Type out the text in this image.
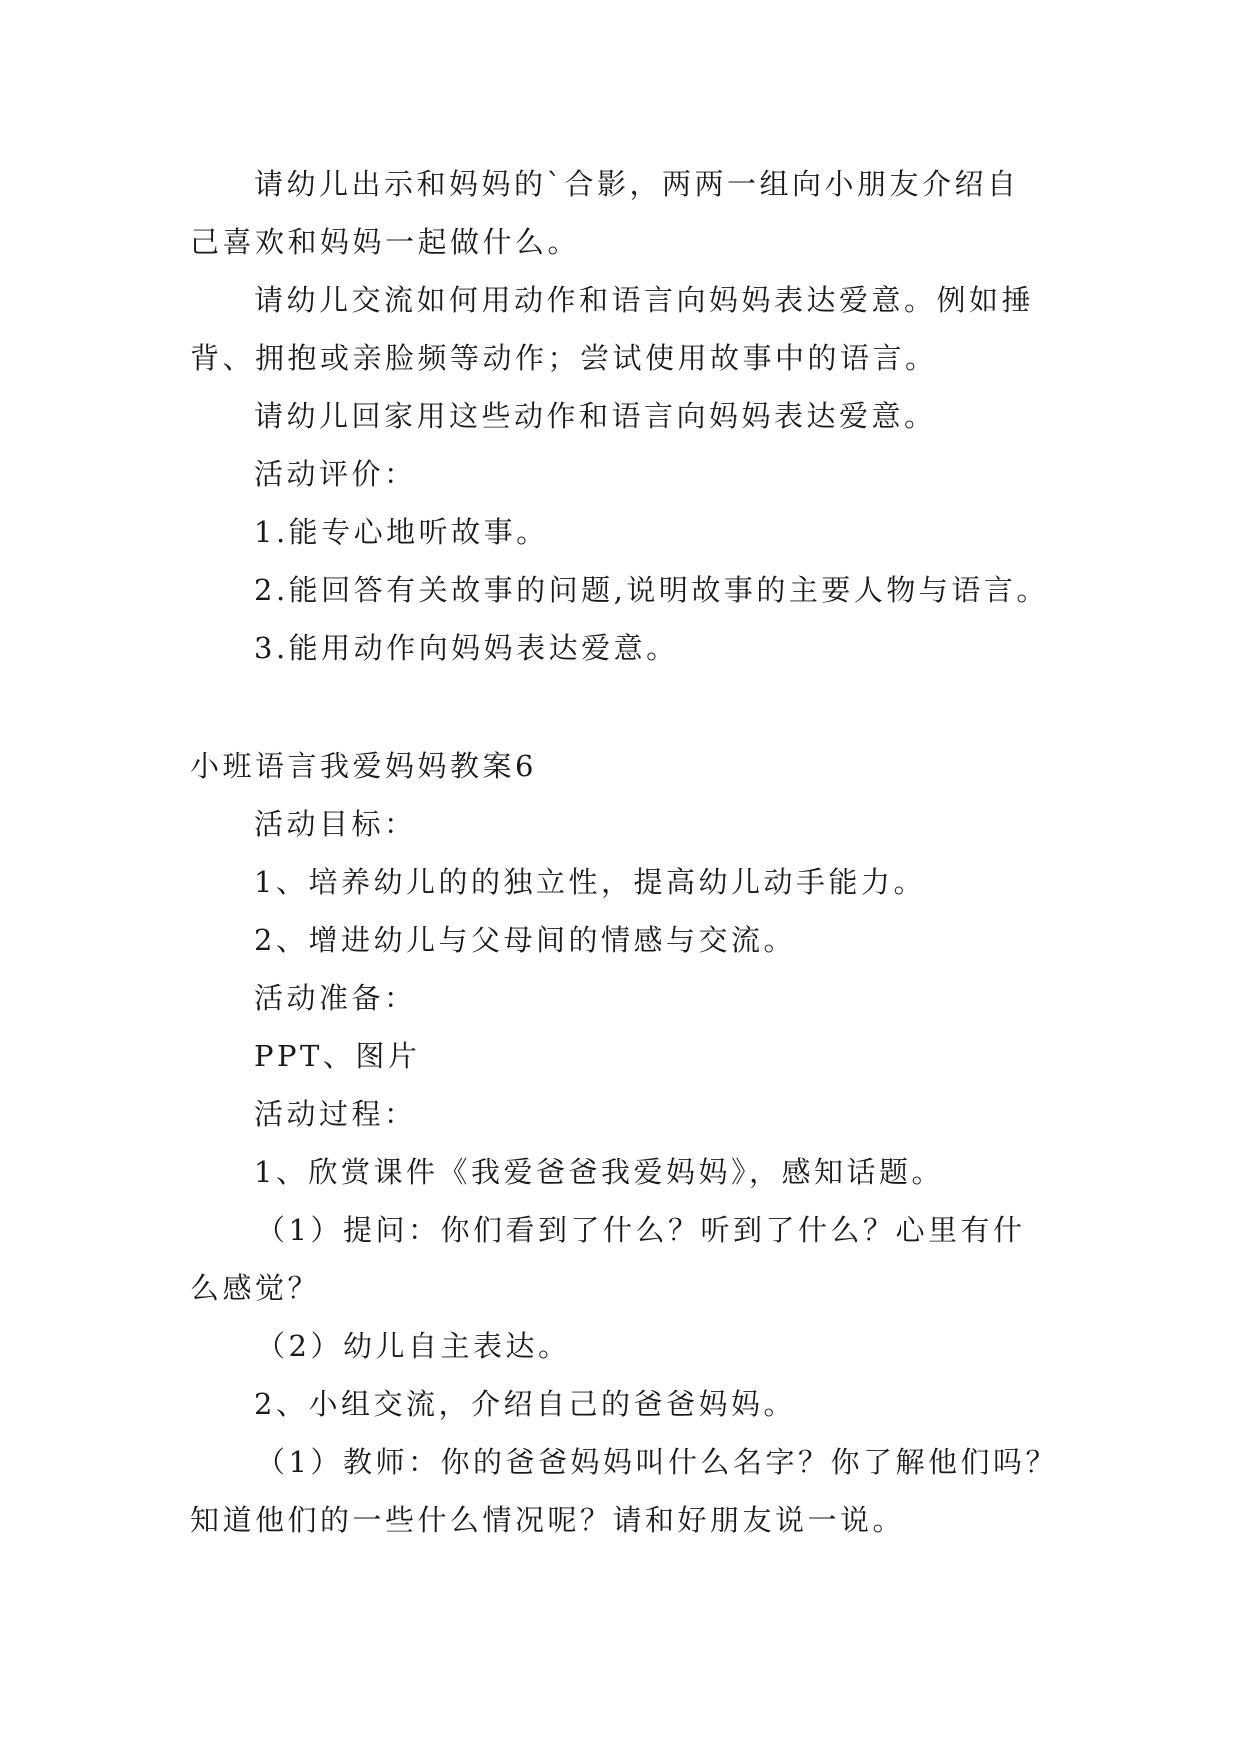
请幼儿出示和妈妈的`合影，两两一组向小朋友介绍自
己喜欢和妈妈一起做什么。
请幼儿交流如何用动作和语言向妈妈表达爱意。例如捶
背、拥抱或亲脸频等动作；尝试使用故事中的语言。
请幼儿回家用这些动作和语言向妈妈表达爱意。
活动评价：
1.能专心地听故事。
2.能回答有关故事的问题,说明故事的主要人物与语言。
3.能用动作向妈妈表达爱意。
小班语言我爱妈妈教案6
活动目标：
1、培养幼儿的的独立性，提高幼儿动手能力。
2、增进幼儿与父母间的情感与交流。
活动准备：
PPT、图片
活动过程：
1、欣赏课件《我爱爸爸我爱妈妈》，感知话题。
（1）提问：你们看到了什么？听到了什么？心里有什
么感觉？
（2）幼儿自主表达。
2、小组交流，介绍自己的爸爸妈妈。
（1）教师：你的爸爸妈妈叫什么名字？你了解他们吗？
知道他们的一些什么情况呢？请和好朋友说一说。
